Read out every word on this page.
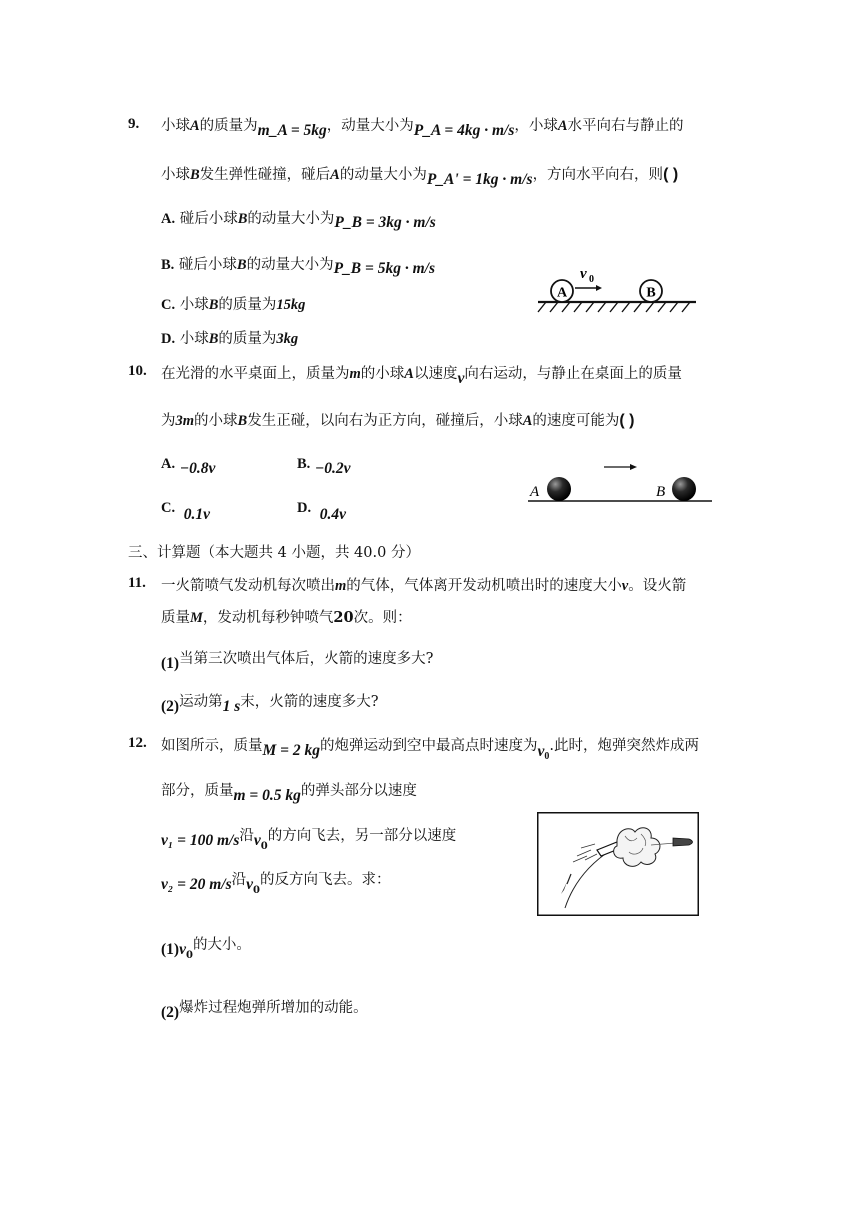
9. 小球A的质量为m_A = 5kg，动量大小为P_A = 4kg · m/s，小球A水平向右与静止的
小球B发生弹性碰撞，碰后A的动量大小为P_A' = 1kg · m/s，方向水平向右，则( )
A. 碰后小球B的动量大小为P_B = 3kg · m/s
B. 碰后小球B的动量大小为P_B = 5kg · m/s
C. 小球B的质量为15kg
D. 小球B的质量为3kg
A	B
v 0
10. 在光滑的水平桌面上，质量为m的小球A以速度v向右运动，与静止在桌面上的质量
为3m的小球B发生正碰，以向右为正方向，碰撞后，小球A的速度可能为( )
A. −0.8v	B. −0.2v
C. 0.1v	D. 0.4v
A	B
三、计算题（本大题共 4 小题，共 40.0 分）
11. 一火箭喷气发动机每次喷出m的气体，气体离开发动机喷出时的速度大小v。设火箭
质量M，发动机每秒钟喷气20次。则：
(1)当第三次喷出气体后，火箭的速度多大?
(2)运动第1 s末，火箭的速度多大?
12. 如图所示，质量M = 2 kg的炮弹运动到空中最高点时速度为$v_0$.此时，炮弹突然炸成两
部分，质量m = 0.5 kg的弹头部分以速度
v₁ = 100 m/s沿$v_0$的方向飞去，另一部分以速度
v₂ = 20 m/s沿$v_0$的反方向飞去。求：
$(1)v_0$的大小。
(2)爆炸过程炮弹所增加的动能。
